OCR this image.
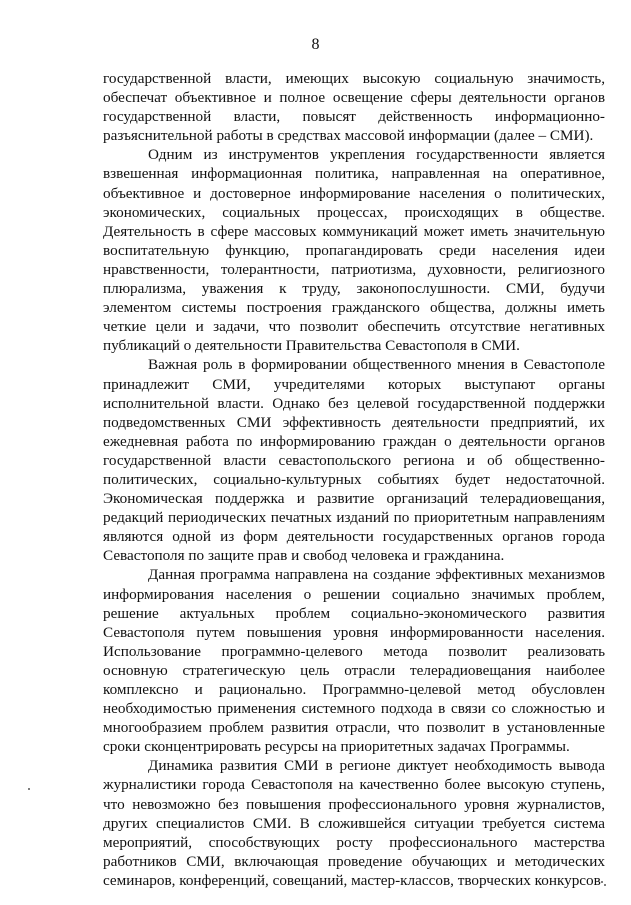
8

государственной власти, имеющих высокую социальную значимость, обеспечат объективное и полное освещение сферы деятельности органов государственной власти, повысят действенность информационно-разъяснительной работы в средствах массовой информации (далее – СМИ).

Одним из инструментов укрепления государственности является взвешенная информационная политика, направленная на оперативное, объективное и достоверное информирование населения о политических, экономических, социальных процессах, происходящих в обществе. Деятельность в сфере массовых коммуникаций может иметь значительную воспитательную функцию, пропагандировать среди населения идеи нравственности, толерантности, патриотизма, духовности, религиозного плюрализма, уважения к труду, законопослушности. СМИ, будучи элементом системы построения гражданского общества, должны иметь четкие цели и задачи, что позволит обеспечить отсутствие негативных публикаций о деятельности Правительства Севастополя в СМИ.

Важная роль в формировании общественного мнения в Севастополе принадлежит СМИ, учредителями которых выступают органы исполнительной власти. Однако без целевой государственной поддержки подведомственных СМИ эффективность деятельности предприятий, их ежедневная работа по информированию граждан о деятельности органов государственной власти севастопольского региона и об общественно-политических, социально-культурных событиях будет недостаточной. Экономическая поддержка и развитие организаций телерадиовещания, редакций периодических печатных изданий по приоритетным направлениям являются одной из форм деятельности государственных органов города Севастополя по защите прав и свобод человека и гражданина.

Данная программа направлена на создание эффективных механизмов информирования населения о решении социально значимых проблем, решение актуальных проблем социально-экономического развития Севастополя путем повышения уровня информированности населения. Использование программно-целевого метода позволит реализовать основную стратегическую цель отрасли телерадиовещания наиболее комплексно и рационально. Программно-целевой метод обусловлен необходимостью применения системного подхода в связи со сложностью и многообразием проблем развития отрасли, что позволит в установленные сроки сконцентрировать ресурсы на приоритетных задачах Программы.

Динамика развития СМИ в регионе диктует необходимость вывода журналистики города Севастополя на качественно более высокую ступень, что невозможно без повышения профессионального уровня журналистов, других специалистов СМИ. В сложившейся ситуации требуется система мероприятий, способствующих росту профессионального мастерства работников СМИ, включающая проведение обучающих и методических семинаров, конференций, совещаний, мастер-классов, творческих конкурсов
